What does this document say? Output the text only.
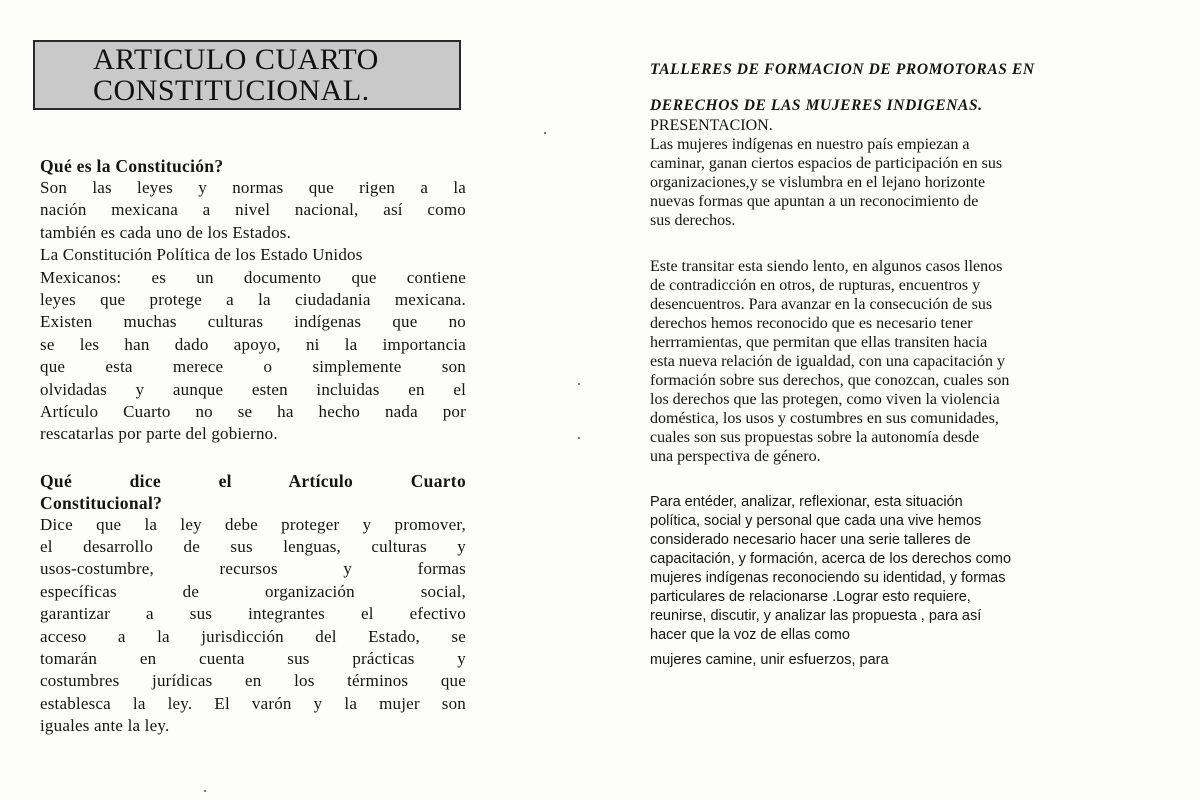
ARTICULO CUARTO
CONSTITUCIONAL.
Qué es la Constitución?
Son las leyes y normas que rigen a la
nación mexicana a nivel nacional, así como
también es cada uno de los Estados.
La Constitución Política de los Estado Unidos
Mexicanos: es un documento que contiene
leyes que protege a la ciudadania mexicana.
Existen muchas culturas indígenas que no
se les han dado apoyo, ni la importancia
que esta merece o simplemente son
olvidadas y aunque esten incluidas en el
Artículo Cuarto no se ha hecho nada por
rescatarlas por parte del gobierno.
Qué dice el Artículo Cuarto
Constitucional?
Dice que la ley debe proteger y promover,
el desarrollo de sus lenguas, culturas y
usos-costumbre, recursos y formas
específicas de organización social,
garantizar a sus integrantes el efectivo
acceso a la jurisdicción del Estado, se
tomarán en cuenta sus prácticas y
costumbres jurídicas en los términos que
establesca la ley. El varón y la mujer son
iguales ante la ley.
TALLERES DE FORMACION DE PROMOTORAS EN
DERECHOS DE LAS MUJERES INDIGENAS.
PRESENTACION.
Las mujeres indígenas en nuestro país empiezan a
caminar, ganan ciertos espacios de participación en sus
organizaciones,y se vislumbra en el lejano horizonte
nuevas formas que apuntan a un reconocimiento de
sus derechos.
Este transitar esta siendo lento, en algunos casos llenos
de contradicción en otros, de rupturas, encuentros y
desencuentros. Para avanzar en la consecución de sus
derechos hemos reconocido que es necesario tener
herrramientas, que permitan que ellas transiten hacia
esta nueva relación de igualdad, con una capacitación y
formación sobre sus derechos, que conozcan, cuales son
los derechos que las protegen, como viven la violencia
doméstica, los usos y costumbres en sus comunidades,
cuales son sus propuestas sobre la autonomía desde
una perspectiva de género.
Para entéder, analizar, reflexionar, esta situación
política, social y personal que cada una vive hemos
considerado necesario hacer una serie talleres de
capacitación, y formación, acerca de los derechos como
mujeres indígenas reconociendo su identidad, y formas
particulares de relacionarse .Lograr esto requiere,
reunirse, discutir, y analizar las propuesta , para así
hacer que la voz de ellas como
mujeres camine, unir esfuerzos, para
